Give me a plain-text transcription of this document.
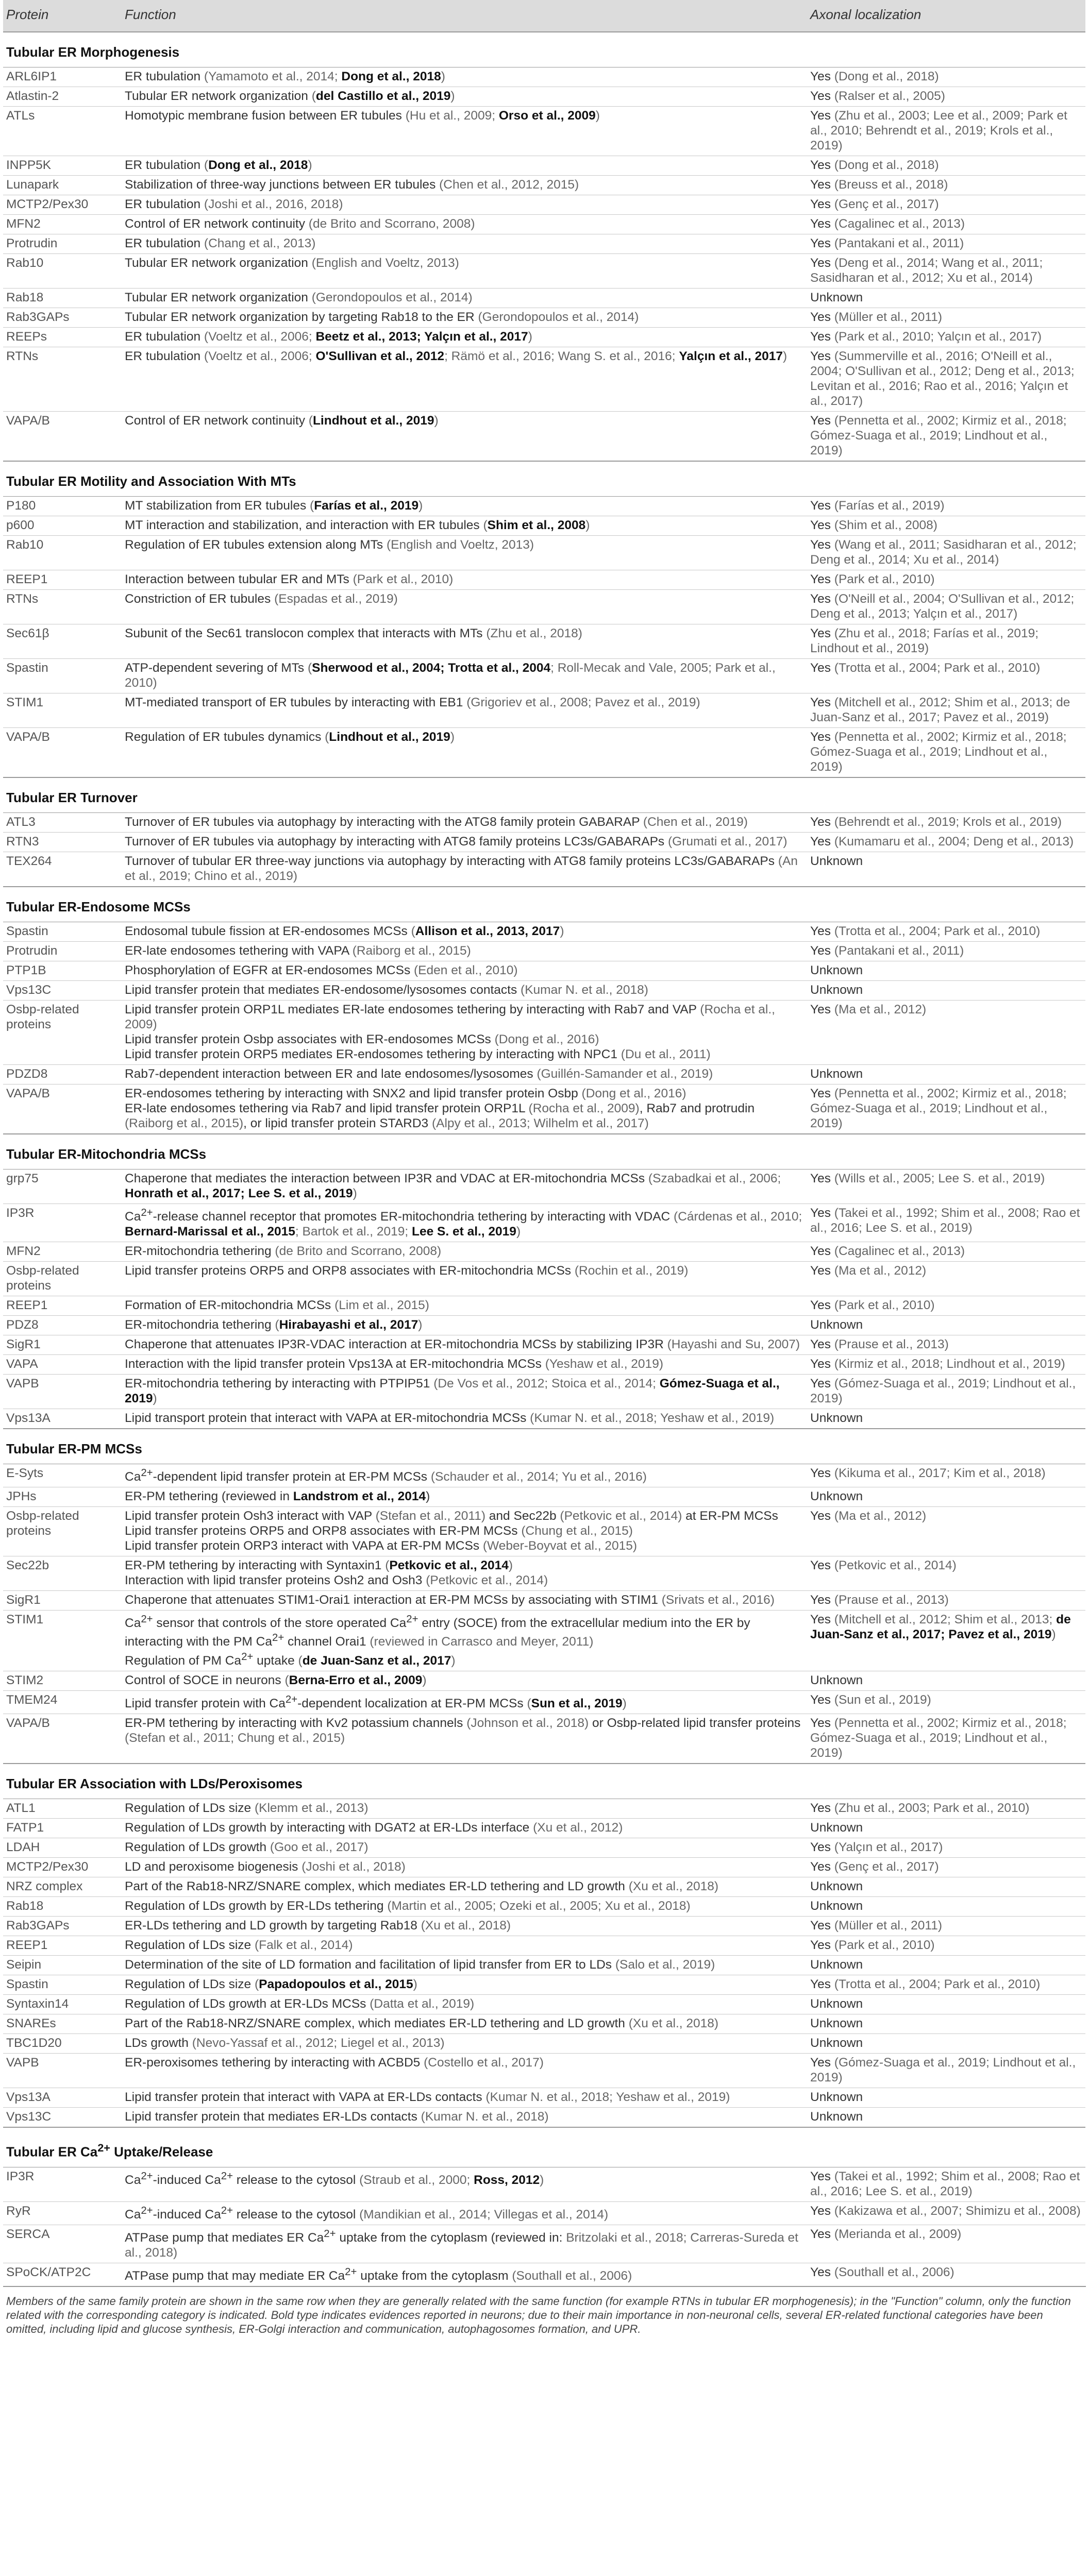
Protein	Function	Axonal localization
Tubular ER Morphogenesis		
ARL6IP1	ER tubulation (Yamamoto et al., 2014; Dong et al., 2018)	Yes (Dong et al., 2018)

Atlastin-2	Tubular ER network organization (del Castillo et al., 2019)	Yes (Ralser et al., 2005)

ATLs	Homotypic membrane fusion between ER tubules (Hu et al., 2009; Orso et al., 2009)	Yes (Zhu et al., 2003; Lee et al., 2009; Park et al., 2010; Behrendt et al., 2019; Krols et al., 2019)

INPP5K	ER tubulation (Dong et al., 2018)	Yes (Dong et al., 2018)

Lunapark	Stabilization of three-way junctions between ER tubules (Chen et al., 2012, 2015)	Yes (Breuss et al., 2018)

MCTP2/Pex30	ER tubulation (Joshi et al., 2016, 2018)	Yes (Genç et al., 2017)

MFN2	Control of ER network continuity (de Brito and Scorrano, 2008)	Yes (Cagalinec et al., 2013)

Protrudin	ER tubulation (Chang et al., 2013)	Yes (Pantakani et al., 2011)

Rab10	Tubular ER network organization (English and Voeltz, 2013)	Yes (Deng et al., 2014; Wang et al., 2011; Sasidharan et al., 2012; Xu et al., 2014)

Rab18	Tubular ER network organization (Gerondopoulos et al., 2014)	Unknown

Rab3GAPs	Tubular ER network organization by targeting Rab18 to the ER (Gerondopoulos et al., 2014)	Yes (Müller et al., 2011)

REEPs	ER tubulation (Voeltz et al., 2006; Beetz et al., 2013; Yalçın et al., 2017)	Yes (Park et al., 2010; Yalçın et al., 2017)

RTNs	ER tubulation (Voeltz et al., 2006; O'Sullivan et al., 2012; Rämö et al., 2016; Wang S. et al., 2016; Yalçın et al., 2017)	Yes (Summerville et al., 2016; O'Neill et al., 2004; O'Sullivan et al., 2012; Deng et al., 2013; Levitan et al., 2016; Rao et al., 2016; Yalçın et al., 2017)

VAPA/B	Control of ER network continuity (Lindhout et al., 2019)	Yes (Pennetta et al., 2002; Kirmiz et al., 2018; Gómez-Suaga et al., 2019; Lindhout et al., 2019)

Tubular ER Motility and Association With MTs		
P180	MT stabilization from ER tubules (Farías et al., 2019)	Yes (Farías et al., 2019)

p600	MT interaction and stabilization, and interaction with ER tubules (Shim et al., 2008)	Yes (Shim et al., 2008)

Rab10	Regulation of ER tubules extension along MTs (English and Voeltz, 2013)	Yes (Wang et al., 2011; Sasidharan et al., 2012; Deng et al., 2014; Xu et al., 2014)

REEP1	Interaction between tubular ER and MTs (Park et al., 2010)	Yes (Park et al., 2010)

RTNs	Constriction of ER tubules (Espadas et al., 2019)	Yes (O'Neill et al., 2004; O'Sullivan et al., 2012; Deng et al., 2013; Yalçın et al., 2017)

Sec61β	Subunit of the Sec61 translocon complex that interacts with MTs (Zhu et al., 2018)	Yes (Zhu et al., 2018; Farías et al., 2019; Lindhout et al., 2019)

Spastin	ATP-dependent severing of MTs (Sherwood et al., 2004; Trotta et al., 2004; Roll-Mecak and Vale, 2005; Park et al., 2010)	Yes (Trotta et al., 2004; Park et al., 2010)

STIM1	MT-mediated transport of ER tubules by interacting with EB1 (Grigoriev et al., 2008; Pavez et al., 2019)	Yes (Mitchell et al., 2012; Shim et al., 2013; de Juan-Sanz et al., 2017; Pavez et al., 2019)

VAPA/B	Regulation of ER tubules dynamics (Lindhout et al., 2019)	Yes (Pennetta et al., 2002; Kirmiz et al., 2018; Gómez-Suaga et al., 2019; Lindhout et al., 2019)

Tubular ER Turnover		
ATL3	Turnover of ER tubules via autophagy by interacting with the ATG8 family protein GABARAP (Chen et al., 2019)	Yes (Behrendt et al., 2019; Krols et al., 2019)

RTN3	Turnover of ER tubules via autophagy by interacting with ATG8 family proteins LC3s/GABARAPs (Grumati et al., 2017)	Yes (Kumamaru et al., 2004; Deng et al., 2013)

TEX264	Turnover of tubular ER three-way junctions via autophagy by interacting with ATG8 family proteins LC3s/GABARAPs (An et al., 2019; Chino et al., 2019)	Unknown

Tubular ER-Endosome MCSs		
Spastin	Endosomal tubule fission at ER-endosomes MCSs (Allison et al., 2013, 2017)	Yes (Trotta et al., 2004; Park et al., 2010)

Protrudin	ER-late endosomes tethering with VAPA (Raiborg et al., 2015)	Yes (Pantakani et al., 2011)

PTP1B	Phosphorylation of EGFR at ER-endosomes MCSs (Eden et al., 2010)	Unknown

Vps13C	Lipid transfer protein that mediates ER-endosome/lysosomes contacts (Kumar N. et al., 2018)	Unknown

Osbp-related proteins	Lipid transfer protein ORP1L mediates ER-late endosomes tethering by interacting with Rab7 and VAP (Rocha et al., 2009)
Lipid transfer protein Osbp associates with ER-endosomes MCSs (Dong et al., 2016)
Lipid transfer protein ORP5 mediates ER-endosomes tethering by interacting with NPC1 (Du et al., 2011)	Yes (Ma et al., 2012)

PDZD8	Rab7-dependent interaction between ER and late endosomes/lysosomes (Guillén-Samander et al., 2019)	Unknown

VAPA/B	ER-endosomes tethering by interacting with SNX2 and lipid transfer protein Osbp (Dong et al., 2016)
ER-late endosomes tethering via Rab7 and lipid transfer protein ORP1L (Rocha et al., 2009), Rab7 and protrudin (Raiborg et al., 2015), or lipid transfer protein STARD3 (Alpy et al., 2013; Wilhelm et al., 2017)	Yes (Pennetta et al., 2002; Kirmiz et al., 2018; Gómez-Suaga et al., 2019; Lindhout et al., 2019)

Tubular ER-Mitochondria MCSs		
grp75	Chaperone that mediates the interaction between IP3R and VDAC at ER-mitochondria MCSs (Szabadkai et al., 2006; Honrath et al., 2017; Lee S. et al., 2019)	Yes (Wills et al., 2005; Lee S. et al., 2019)

IP3R	$Ca^{2+}$-release channel receptor that promotes ER-mitochondria tethering by interacting with VDAC (Cárdenas et al., 2010; Bernard-Marissal et al., 2015; Bartok et al., 2019; Lee S. et al., 2019)	Yes (Takei et al., 1992; Shim et al., 2008; Rao et al., 2016; Lee S. et al., 2019)

MFN2	ER-mitochondria tethering (de Brito and Scorrano, 2008)	Yes (Cagalinec et al., 2013)

Osbp-related proteins	Lipid transfer proteins ORP5 and ORP8 associates with ER-mitochondria MCSs (Rochin et al., 2019)	Yes (Ma et al., 2012)

REEP1	Formation of ER-mitochondria MCSs (Lim et al., 2015)	Yes (Park et al., 2010)

PDZ8	ER-mitochondria tethering (Hirabayashi et al., 2017)	Unknown

SigR1	Chaperone that attenuates IP3R-VDAC interaction at ER-mitochondria MCSs by stabilizing IP3R (Hayashi and Su, 2007)	Yes (Prause et al., 2013)

VAPA	Interaction with the lipid transfer protein Vps13A at ER-mitochondria MCSs (Yeshaw et al., 2019)	Yes (Kirmiz et al., 2018; Lindhout et al., 2019)

VAPB	ER-mitochondria tethering by interacting with PTPIP51 (De Vos et al., 2012; Stoica et al., 2014; Gómez-Suaga et al., 2019)	Yes (Gómez-Suaga et al., 2019; Lindhout et al., 2019)

Vps13A	Lipid transport protein that interact with VAPA at ER-mitochondria MCSs (Kumar N. et al., 2018; Yeshaw et al., 2019)	Unknown

Tubular ER-PM MCSs		
E-Syts	$Ca^{2+}$-dependent lipid transfer protein at ER-PM MCSs (Schauder et al., 2014; Yu et al., 2016)	Yes (Kikuma et al., 2017; Kim et al., 2018)

JPHs	ER-PM tethering (reviewed in Landstrom et al., 2014)	Unknown

Osbp-related proteins	Lipid transfer protein Osh3 interact with VAP (Stefan et al., 2011) and Sec22b (Petkovic et al., 2014) at ER-PM MCSs
Lipid transfer proteins ORP5 and ORP8 associates with ER-PM MCSs (Chung et al., 2015)
Lipid transfer protein ORP3 interact with VAPA at ER-PM MCSs (Weber-Boyvat et al., 2015)	Yes (Ma et al., 2012)

Sec22b	ER-PM tethering by interacting with Syntaxin1 (Petkovic et al., 2014)
Interaction with lipid transfer proteins Osh2 and Osh3 (Petkovic et al., 2014)	Yes (Petkovic et al., 2014)

SigR1	Chaperone that attenuates STIM1-Orai1 interaction at ER-PM MCSs by associating with STIM1 (Srivats et al., 2016)	Yes (Prause et al., 2013)

STIM1	$Ca^{2+}$ sensor that controls of the store operated $Ca^{2+}$ entry (SOCE) from the extracellular medium into the ER by interacting with the PM $Ca^{2+}$ channel Orai1 (reviewed in Carrasco and Meyer, 2011)
Regulation of PM $Ca^{2+}$ uptake (de Juan-Sanz et al., 2017)	Yes (Mitchell et al., 2012; Shim et al., 2013; de Juan-Sanz et al., 2017; Pavez et al., 2019)

STIM2	Control of SOCE in neurons (Berna-Erro et al., 2009)	Unknown

TMEM24	Lipid transfer protein with $Ca^{2+}$-dependent localization at ER-PM MCSs (Sun et al., 2019)	Yes (Sun et al., 2019)

VAPA/B	ER-PM tethering by interacting with Kv2 potassium channels (Johnson et al., 2018) or Osbp-related lipid transfer proteins (Stefan et al., 2011; Chung et al., 2015)	Yes (Pennetta et al., 2002; Kirmiz et al., 2018; Gómez-Suaga et al., 2019; Lindhout et al., 2019)

Tubular ER Association with LDs/Peroxisomes		
ATL1	Regulation of LDs size (Klemm et al., 2013)	Yes (Zhu et al., 2003; Park et al., 2010)

FATP1	Regulation of LDs growth by interacting with DGAT2 at ER-LDs interface (Xu et al., 2012)	Unknown

LDAH	Regulation of LDs growth (Goo et al., 2017)	Yes (Yalçın et al., 2017)

MCTP2/Pex30	LD and peroxisome biogenesis (Joshi et al., 2018)	Yes (Genç et al., 2017)

NRZ complex	Part of the Rab18-NRZ/SNARE complex, which mediates ER-LD tethering and LD growth (Xu et al., 2018)	Unknown

Rab18	Regulation of LDs growth by ER-LDs tethering (Martin et al., 2005; Ozeki et al., 2005; Xu et al., 2018)	Unknown

Rab3GAPs	ER-LDs tethering and LD growth by targeting Rab18 (Xu et al., 2018)	Yes (Müller et al., 2011)

REEP1	Regulation of LDs size (Falk et al., 2014)	Yes (Park et al., 2010)

Seipin	Determination of the site of LD formation and facilitation of lipid transfer from ER to LDs (Salo et al., 2019)	Unknown

Spastin	Regulation of LDs size (Papadopoulos et al., 2015)	Yes (Trotta et al., 2004; Park et al., 2010)

Syntaxin14	Regulation of LDs growth at ER-LDs MCSs (Datta et al., 2019)	Unknown

SNAREs	Part of the Rab18-NRZ/SNARE complex, which mediates ER-LD tethering and LD growth (Xu et al., 2018)	Unknown

TBC1D20	LDs growth (Nevo-Yassaf et al., 2012; Liegel et al., 2013)	Unknown

VAPB	ER-peroxisomes tethering by interacting with ACBD5 (Costello et al., 2017)	Yes (Gómez-Suaga et al., 2019; Lindhout et al., 2019)

Vps13A	Lipid transfer protein that interact with VAPA at ER-LDs contacts (Kumar N. et al., 2018; Yeshaw et al., 2019)	Unknown

Vps13C	Lipid transfer protein that mediates ER-LDs contacts (Kumar N. et al., 2018)	Unknown

Tubular ER $Ca^{2+}$ Uptake/Release		
IP3R	$Ca^{2+}$-induced $Ca^{2+}$ release to the cytosol (Straub et al., 2000; Ross, 2012)	Yes (Takei et al., 1992; Shim et al., 2008; Rao et al., 2016; Lee S. et al., 2019)

RyR	$Ca^{2+}$-induced $Ca^{2+}$ release to the cytosol (Mandikian et al., 2014; Villegas et al., 2014)	Yes (Kakizawa et al., 2007; Shimizu et al., 2008)

SERCA	ATPase pump that mediates ER $Ca^{2+}$ uptake from the cytoplasm (reviewed in: Britzolaki et al., 2018; Carreras-Sureda et al., 2018)	Yes (Merianda et al., 2009)

SPoCK/ATP2C	ATPase pump that may mediate ER $Ca^{2+}$ uptake from the cytoplasm (Southall et al., 2006)	Yes (Southall et al., 2006)
Members of the same family protein are shown in the same row when they are generally related with the same function (for example RTNs in tubular ER morphogenesis); in the "Function" column, only the function related with the corresponding category is indicated. Bold type indicates evidences reported in neurons; due to their main importance in non-neuronal cells, several ER-related functional categories have been omitted, including lipid and glucose synthesis, ER-Golgi interaction and communication, autophagosomes formation, and UPR.
